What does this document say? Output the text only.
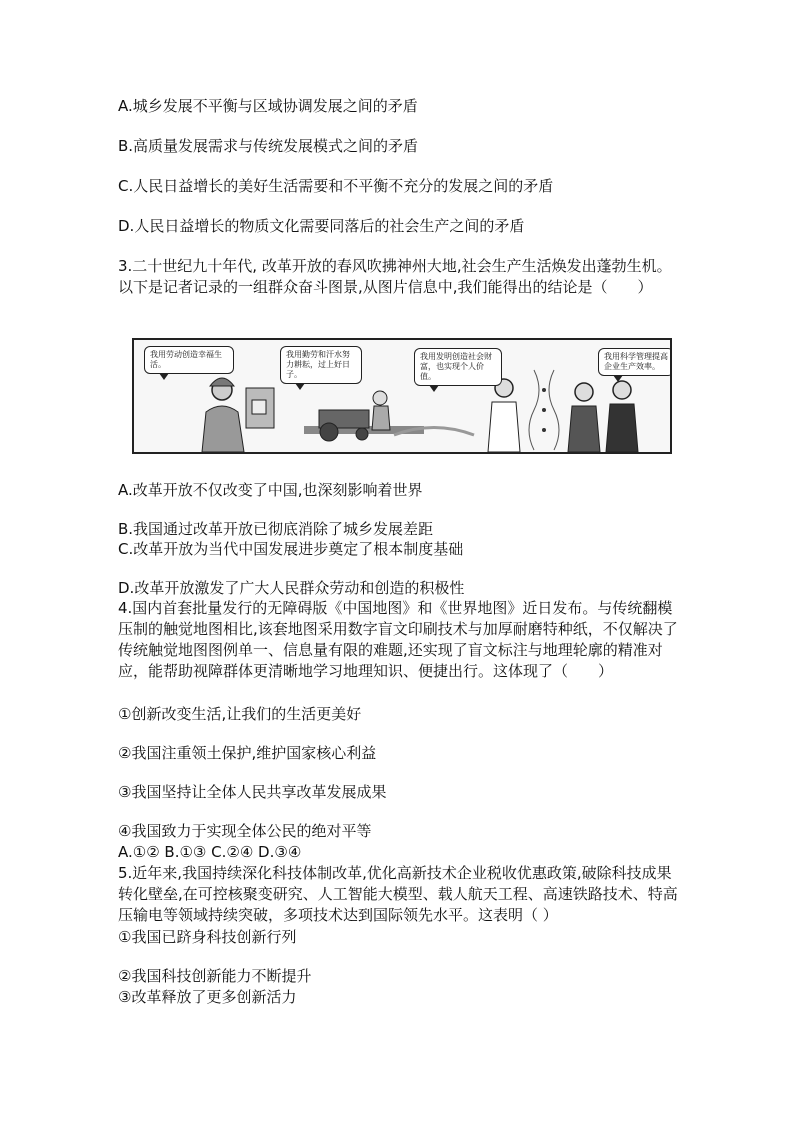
A.城乡发展不平衡与区域协调发展之间的矛盾
B.高质量发展需求与传统发展模式之间的矛盾
C.人民日益增长的美好生活需要和不平衡不充分的发展之间的矛盾
D.人民日益增长的物质文化需要同落后的社会生产之间的矛盾
3.二十世纪九十年代, 改革开放的春风吹拂神州大地,社会生产生活焕发出蓬勃生机。以下是记者记录的一组群众奋斗图景,从图片信息中,我们能得出的结论是（　　）
我用劳动创造幸福生活。
我用勤劳和汗水努力耕耘，过上好日子。
我用发明创造社会财富，也实现个人价值。
我用科学管理提高企业生产效率。
A.改革开放不仅改变了中国,也深刻影响着世界
B.我国通过改革开放已彻底消除了城乡发展差距
C.改革开放为当代中国发展进步奠定了根本制度基础
D.改革开放激发了广大人民群众劳动和创造的积极性
4.国内首套批量发行的无障碍版《中国地图》和《世界地图》近日发布。与传统翻模压制的触觉地图相比,该套地图采用数字盲文印刷技术与加厚耐磨特种纸，不仅解决了传统触觉地图图例单一、信息量有限的难题,还实现了盲文标注与地理轮廓的精准对应，能帮助视障群体更清晰地学习地理知识、便捷出行。这体现了（　　）
①创新改变生活,让我们的生活更美好
②我国注重领土保护,维护国家核心利益
③我国坚持让全体人民共享改革发展成果
④我国致力于实现全体公民的绝对平等
A.①② B.①③ C.②④ D.③④
5.近年来,我国持续深化科技体制改革,优化高新技术企业税收优惠政策,破除科技成果转化壁垒,在可控核聚变研究、人工智能大模型、载人航天工程、高速铁路技术、特高压输电等领域持续突破，多项技术达到国际领先水平。这表明（ ）
①我国已跻身科技创新行列
②我国科技创新能力不断提升
③改革释放了更多创新活力
